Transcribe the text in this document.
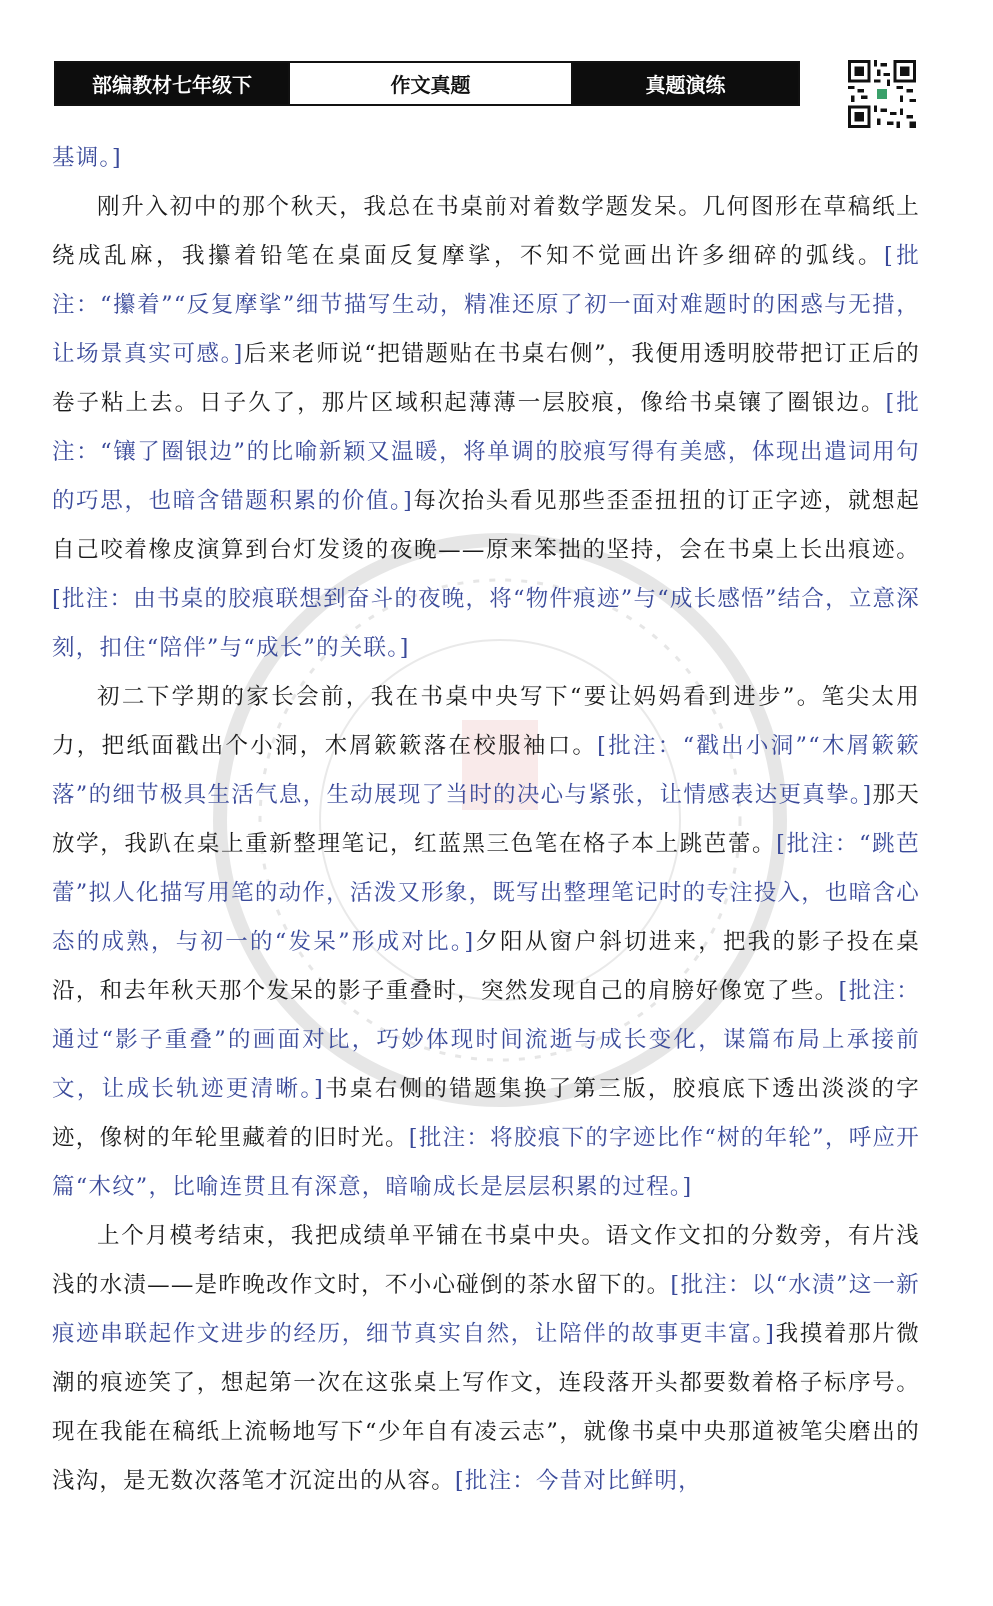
部编教材七年级下	作文真题	真题演练

基调。]

刚升入初中的那个秋天，我总在书桌前对着数学题发呆。几何图形在草稿纸上绕成乱麻，我攥着铅笔在桌面反复摩挲，不知不觉画出许多细碎的弧线。[批注：“攥着”“反复摩挲”细节描写生动，精准还原了初一面对难题时的困惑与无措，让场景真实可感。]后来老师说“把错题贴在书桌右侧”，我便用透明胶带把订正后的卷子粘上去。日子久了，那片区域积起薄薄一层胶痕，像给书桌镶了圈银边。[批注：“镶了圈银边”的比喻新颖又温暖，将单调的胶痕写得有美感，体现出遣词用句的巧思，也暗含错题积累的价值。]每次抬头看见那些歪歪扭扭的订正字迹，就想起自己咬着橡皮演算到台灯发烫的夜晚——原来笨拙的坚持，会在书桌上长出痕迹。[批注：由书桌的胶痕联想到奋斗的夜晚，将“物件痕迹”与“成长感悟”结合，立意深刻，扣住“陪伴”与“成长”的关联。]

初二下学期的家长会前，我在书桌中央写下“要让妈妈看到进步”。笔尖太用力，把纸面戳出个小洞，木屑簌簌落在校服袖口。[批注：“戳出小洞”“木屑簌簌落”的细节极具生活气息，生动展现了当时的决心与紧张，让情感表达更真挚。]那天放学，我趴在桌上重新整理笔记，红蓝黑三色笔在格子本上跳芭蕾。[批注：“跳芭蕾”拟人化描写用笔的动作，活泼又形象，既写出整理笔记时的专注投入，也暗含心态的成熟，与初一的“发呆”形成对比。]夕阳从窗户斜切进来，把我的影子投在桌沿，和去年秋天那个发呆的影子重叠时，突然发现自己的肩膀好像宽了些。[批注：通过“影子重叠”的画面对比，巧妙体现时间流逝与成长变化，谋篇布局上承接前文，让成长轨迹更清晰。]书桌右侧的错题集换了第三版，胶痕底下透出淡淡的字迹，像树的年轮里藏着的旧时光。[批注：将胶痕下的字迹比作“树的年轮”，呼应开篇“木纹”，比喻连贯且有深意，暗喻成长是层层积累的过程。]

上个月模考结束，我把成绩单平铺在书桌中央。语文作文扣的分数旁，有片浅浅的水渍——是昨晚改作文时，不小心碰倒的茶水留下的。[批注：以“水渍”这一新痕迹串联起作文进步的经历，细节真实自然，让陪伴的故事更丰富。]我摸着那片微潮的痕迹笑了，想起第一次在这张桌上写作文，连段落开头都要数着格子标序号。现在我能在稿纸上流畅地写下“少年自有凌云志”，就像书桌中央那道被笔尖磨出的浅沟，是无数次落笔才沉淀出的从容。[批注：今昔对比鲜明，
